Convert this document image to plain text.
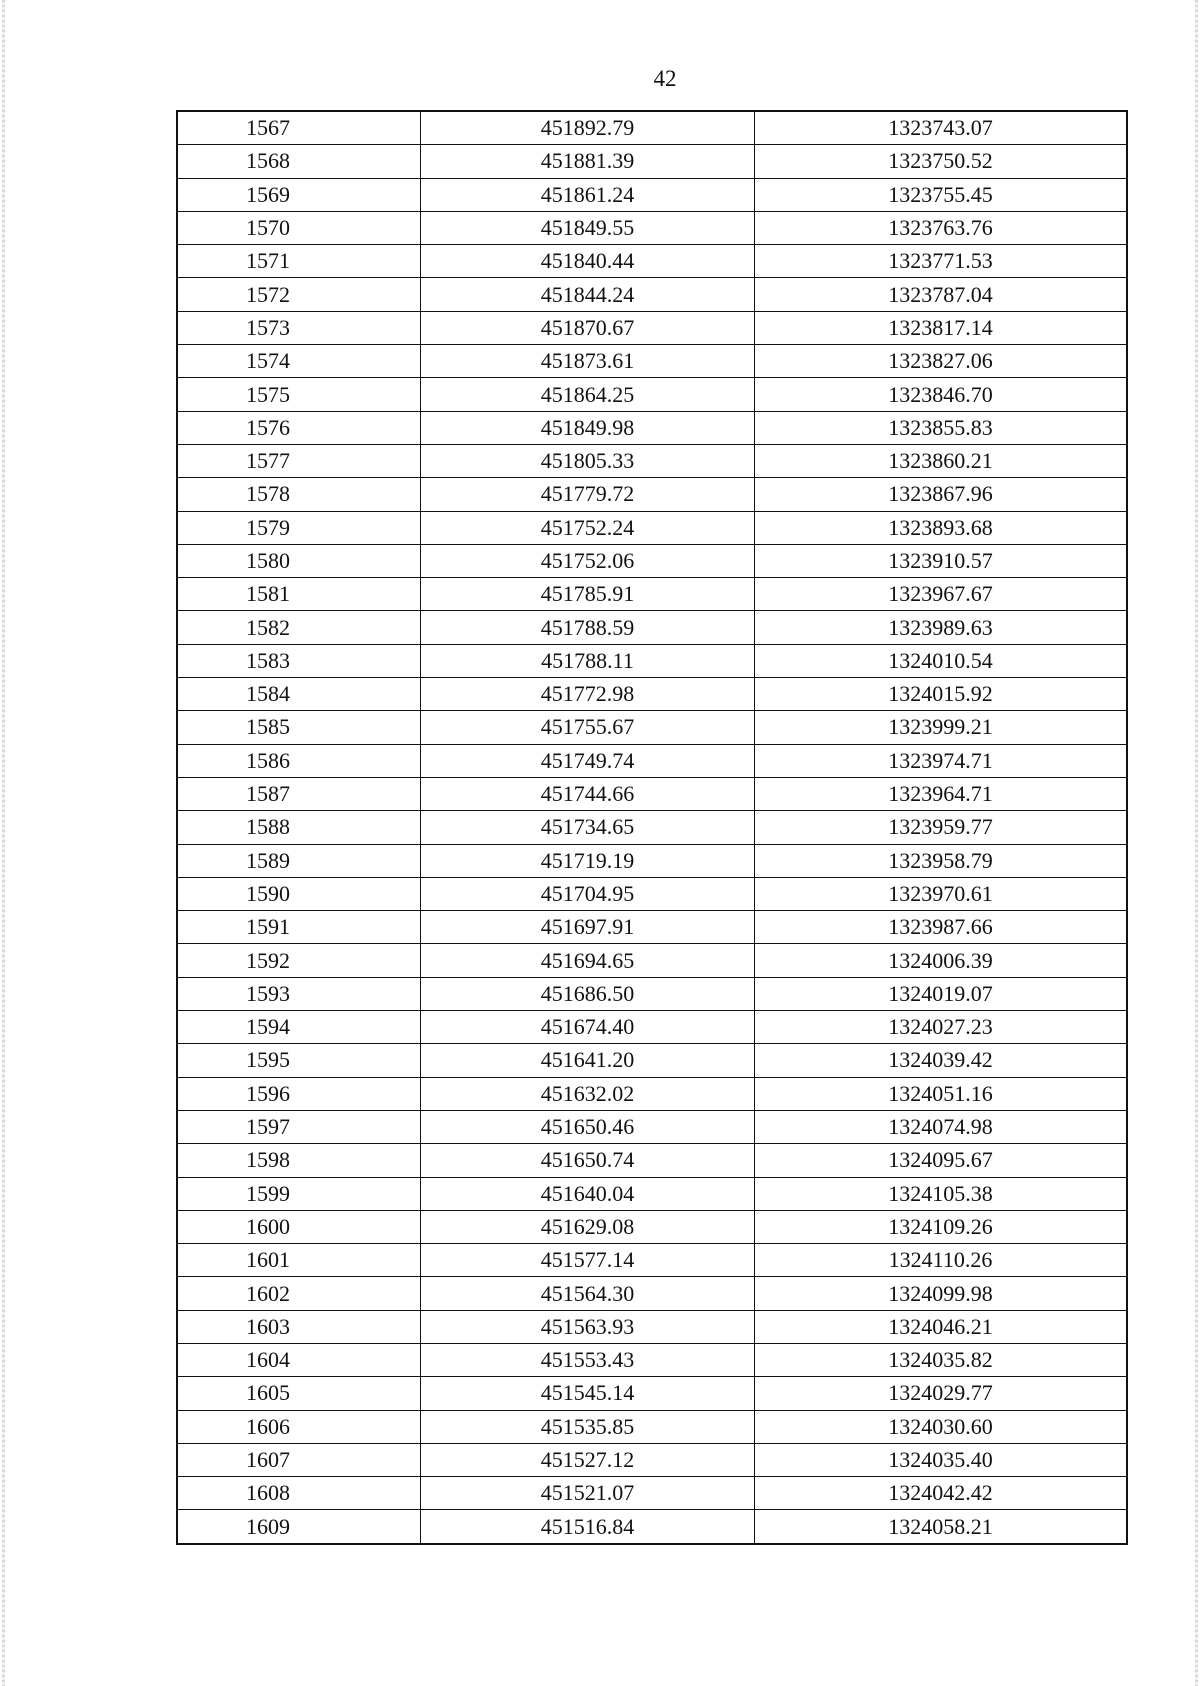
42
1567	451892.79	1323743.07
1568	451881.39	1323750.52
1569	451861.24	1323755.45
1570	451849.55	1323763.76
1571	451840.44	1323771.53
1572	451844.24	1323787.04
1573	451870.67	1323817.14
1574	451873.61	1323827.06
1575	451864.25	1323846.70
1576	451849.98	1323855.83
1577	451805.33	1323860.21
1578	451779.72	1323867.96
1579	451752.24	1323893.68
1580	451752.06	1323910.57
1581	451785.91	1323967.67
1582	451788.59	1323989.63
1583	451788.11	1324010.54
1584	451772.98	1324015.92
1585	451755.67	1323999.21
1586	451749.74	1323974.71
1587	451744.66	1323964.71
1588	451734.65	1323959.77
1589	451719.19	1323958.79
1590	451704.95	1323970.61
1591	451697.91	1323987.66
1592	451694.65	1324006.39
1593	451686.50	1324019.07
1594	451674.40	1324027.23
1595	451641.20	1324039.42
1596	451632.02	1324051.16
1597	451650.46	1324074.98
1598	451650.74	1324095.67
1599	451640.04	1324105.38
1600	451629.08	1324109.26
1601	451577.14	1324110.26
1602	451564.30	1324099.98
1603	451563.93	1324046.21
1604	451553.43	1324035.82
1605	451545.14	1324029.77
1606	451535.85	1324030.60
1607	451527.12	1324035.40
1608	451521.07	1324042.42
1609	451516.84	1324058.21
